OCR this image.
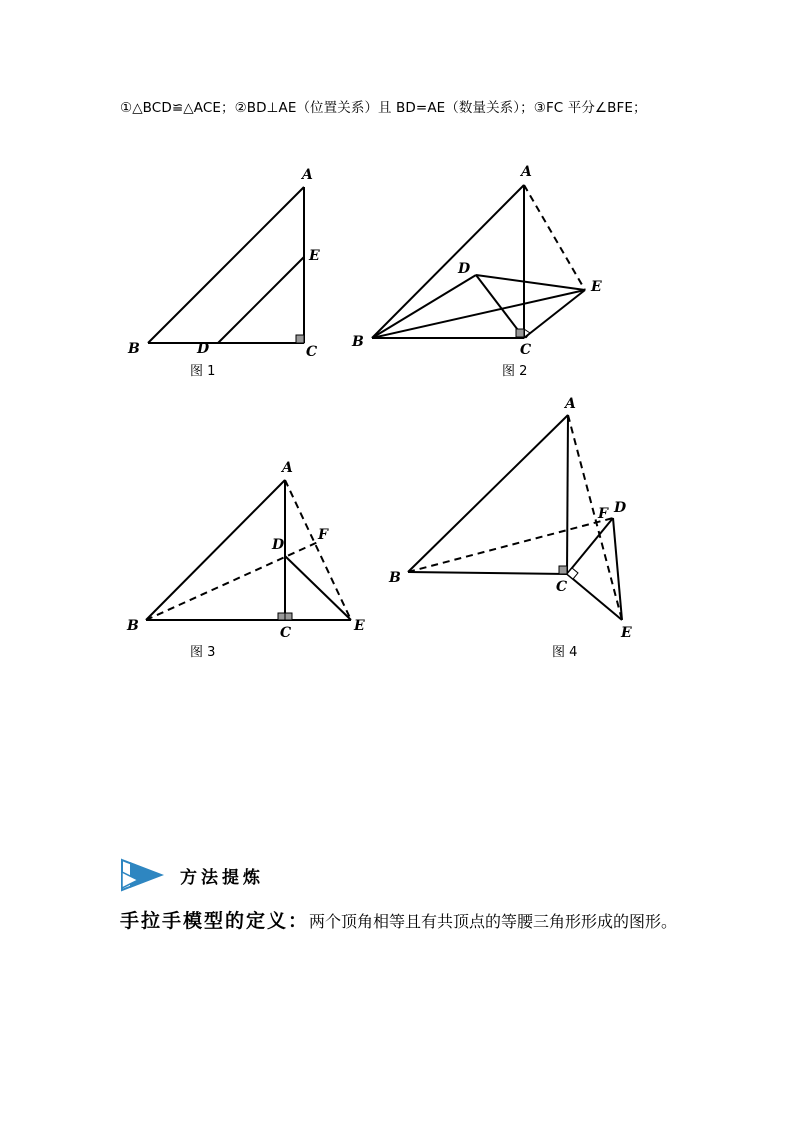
①△BCD≌△ACE；②BD⊥AE（位置关系）且 BD=AE（数量关系）；③FC 平分∠BFE；
A
E
B	D	C
图 1
A
D
E
B	C
图 2
A
D
F
B	C	E
图 3
A
F D
B
C
E
图 4
方法提炼
手拉手模型的定义：两个顶角相等且有共顶点的等腰三角形形成的图形。
